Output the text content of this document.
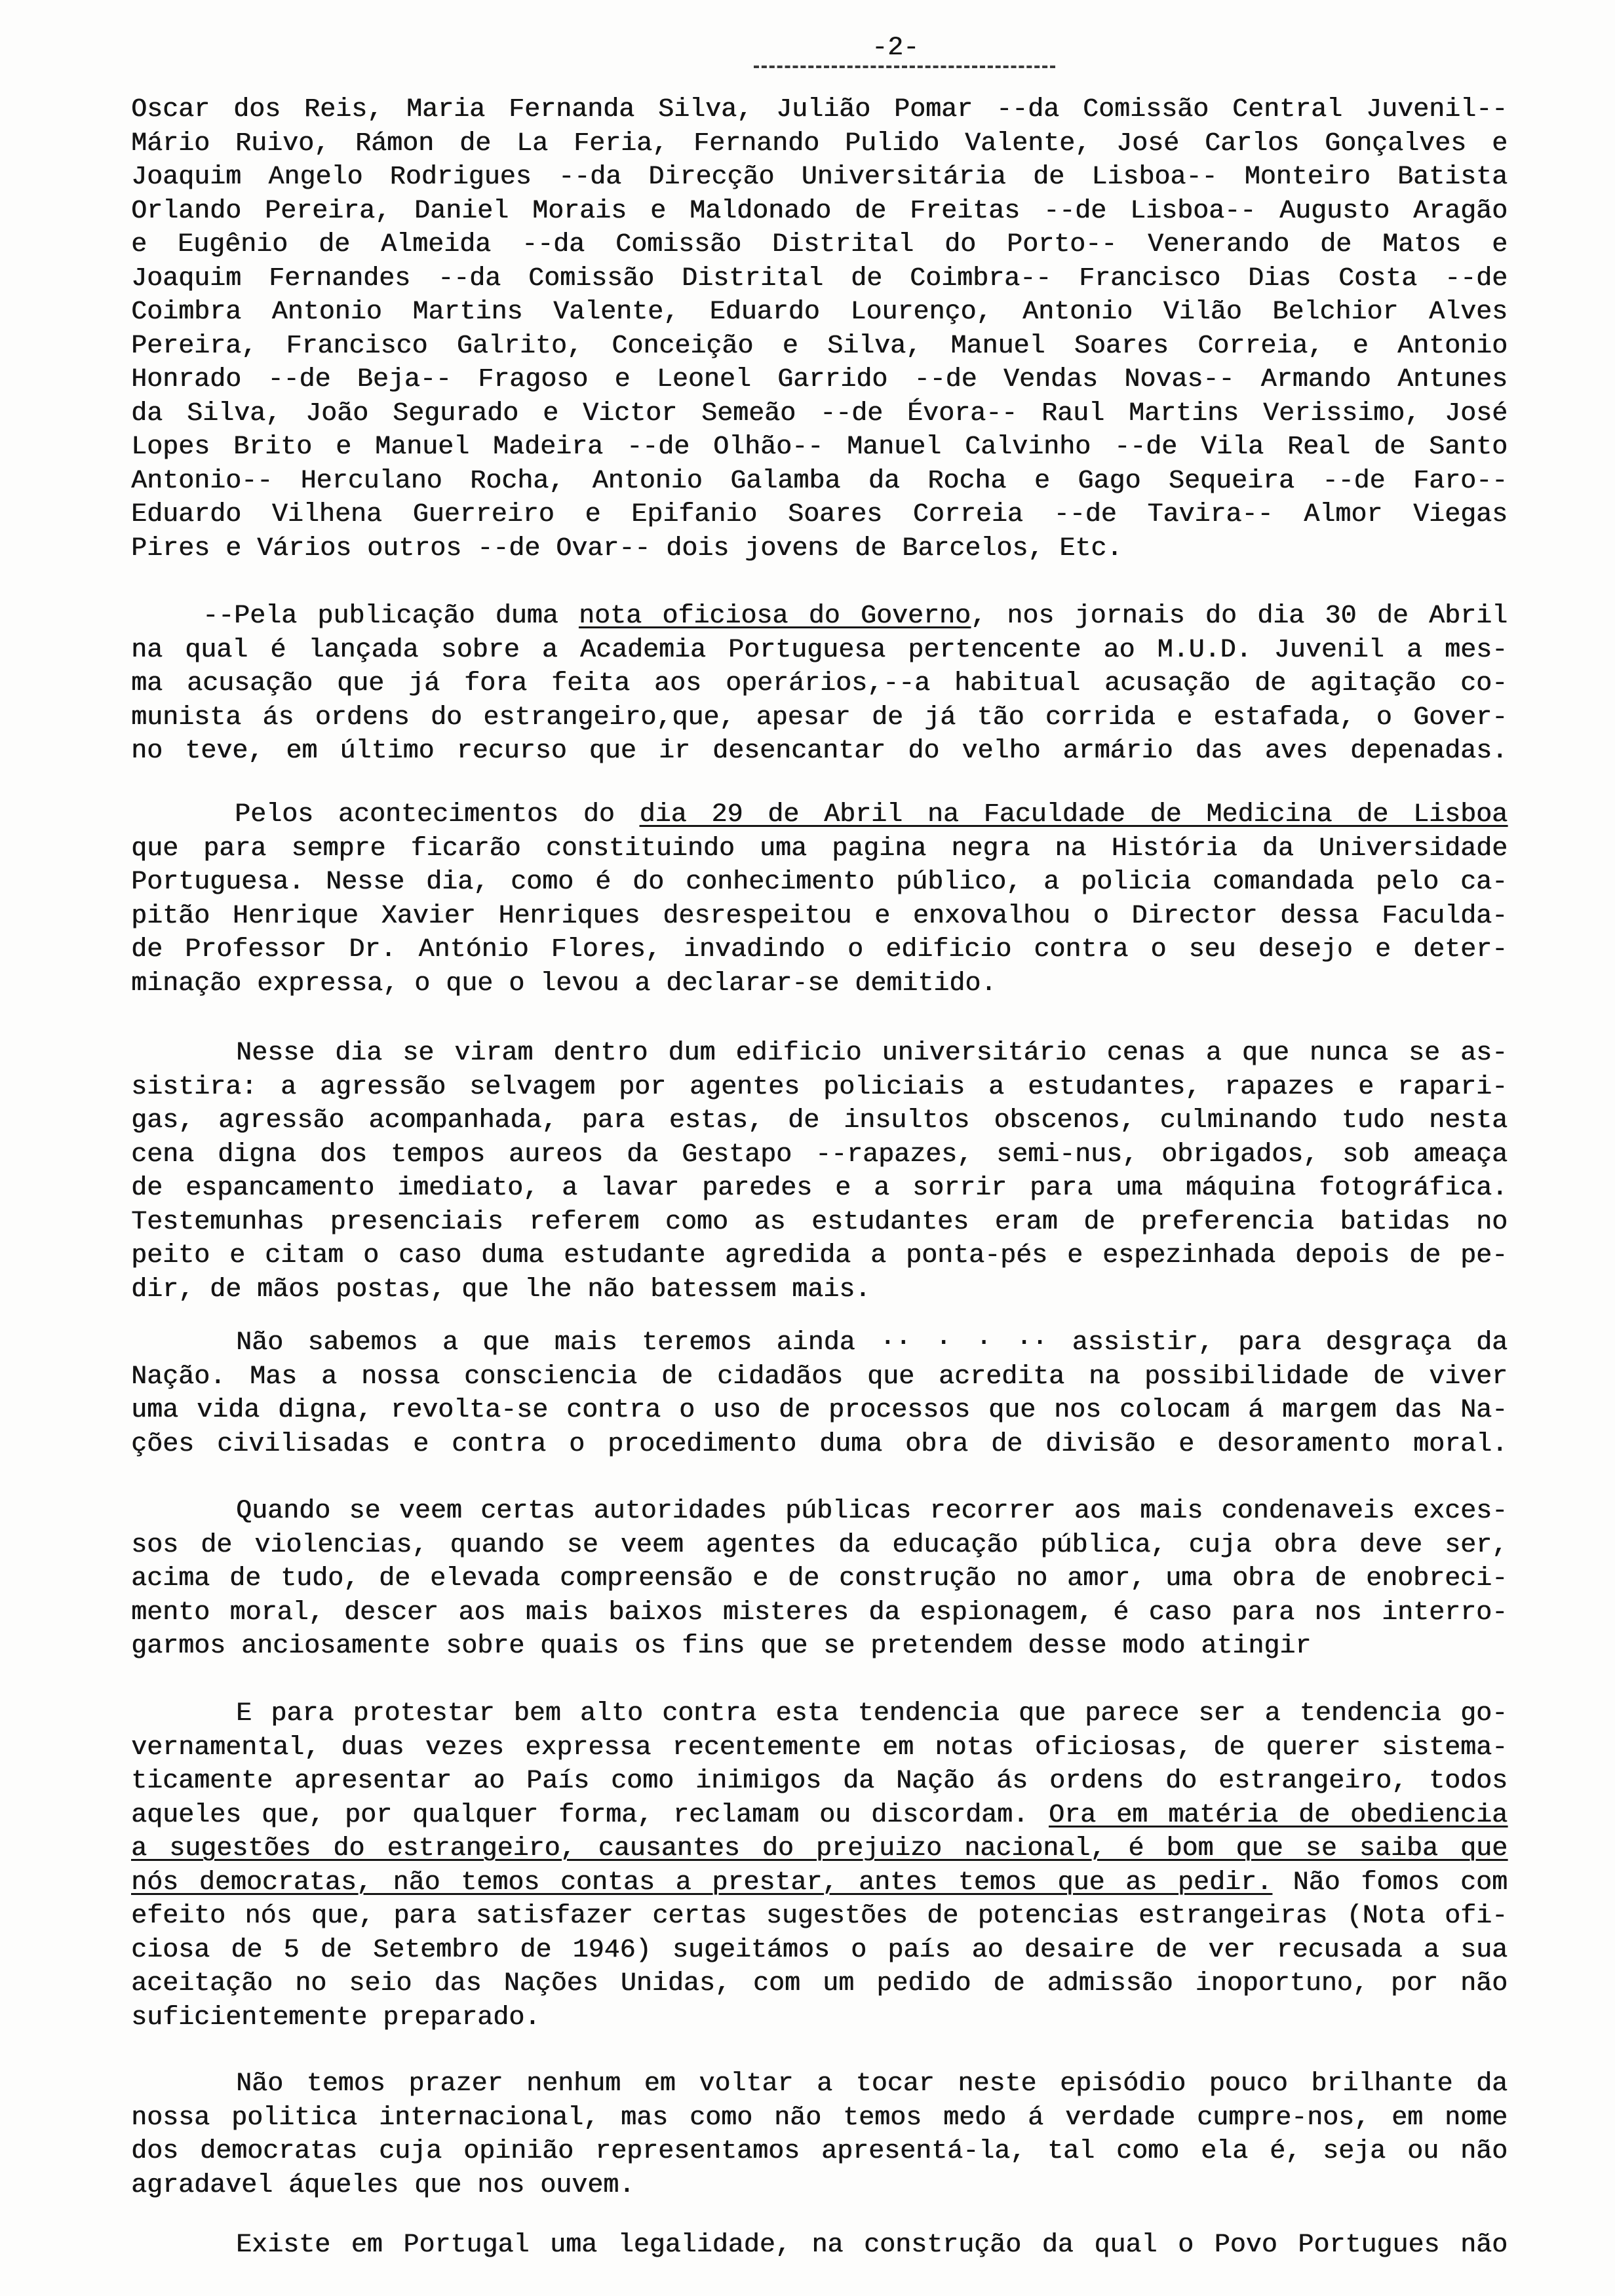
-2-
Oscar dos Reis, Maria Fernanda Silva, Julião Pomar --da Comissão Central Juvenil--
Mário Ruivo, Rámon de La Feria, Fernando Pulido Valente, José Carlos Gonçalves e
Joaquim Angelo Rodrigues --da Direcção Universitária de Lisboa-- Monteiro Batista
Orlando Pereira, Daniel Morais e Maldonado de Freitas --de Lisboa-- Augusto Aragão
e Eugênio de Almeida --da Comissão Distrital do Porto-- Venerando de Matos e
Joaquim Fernandes --da Comissão Distrital de Coimbra-- Francisco Dias Costa --de
Coimbra Antonio Martins Valente, Eduardo Lourenço, Antonio Vilão Belchior Alves
Pereira, Francisco Galrito, Conceição e Silva, Manuel Soares Correia, e Antonio
Honrado --de Beja-- Fragoso e Leonel Garrido --de Vendas Novas-- Armando Antunes
da Silva, João Segurado e Victor Semeão --de Évora-- Raul Martins Verissimo, José
Lopes Brito e Manuel Madeira --de Olhão-- Manuel Calvinho --de Vila Real de Santo
Antonio-- Herculano Rocha, Antonio Galamba da Rocha e Gago Sequeira --de Faro--
Eduardo Vilhena Guerreiro e Epifanio Soares Correia --de Tavira-- Almor Viegas
Pires e Vários outros --de Ovar-- dois jovens de Barcelos, Etc.
--Pela publicação duma nota oficiosa do Governo, nos jornais do dia 30 de Abril
na qual é lançada sobre a Academia Portuguesa pertencente ao M.U.D. Juvenil a mes-
ma acusação que já fora feita aos operários,--a habitual acusação de agitação co-
munista ás ordens do estrangeiro,que, apesar de já tão corrida e estafada, o Gover-
no teve, em último recurso que ir desencantar do velho armário das aves depenadas.
Pelos acontecimentos do dia 29 de Abril na Faculdade de Medicina de Lisboa
que para sempre ficarão constituindo uma pagina negra na História da Universidade
Portuguesa. Nesse dia, como é do conhecimento público, a policia comandada pelo ca-
pitão Henrique Xavier Henriques desrespeitou e enxovalhou o Director dessa Faculda-
de Professor Dr. António Flores, invadindo o edificio contra o seu desejo e deter-
minação expressa, o que o levou a declarar-se demitido.
Nesse dia se viram dentro dum edificio universitário cenas a que nunca se as-
sistira: a agressão selvagem por agentes policiais a estudantes, rapazes e rapari-
gas, agressão acompanhada, para estas, de insultos obscenos, culminando tudo nesta
cena digna dos tempos aureos da Gestapo --rapazes, semi-nus, obrigados, sob ameaça
de espancamento imediato, a lavar paredes e a sorrir para uma máquina fotográfica.
Testemunhas presenciais referem como as estudantes eram de preferencia batidas no
peito e citam o caso duma estudante agredida a ponta-pés e espezinhada depois de pe-
dir, de mãos postas, que lhe não batessem mais.
Não sabemos a que mais teremos ainda ·· · · ·· assistir, para desgraça da
Nação. Mas a nossa consciencia de cidadãos que acredita na possibilidade de viver
uma vida digna, revolta-se contra o uso de processos que nos colocam á margem das Na-
ções civilisadas e contra o procedimento duma obra de divisão e desoramento moral.
Quando se veem certas autoridades públicas recorrer aos mais condenaveis exces-
sos de violencias, quando se veem agentes da educação pública, cuja obra deve ser,
acima de tudo, de elevada compreensão e de construção no amor, uma obra de enobreci-
mento moral, descer aos mais baixos misteres da espionagem, é caso para nos interro-
garmos anciosamente sobre quais os fins que se pretendem desse modo atingir
E para protestar bem alto contra esta tendencia que parece ser a tendencia go-
vernamental, duas vezes expressa recentemente em notas oficiosas, de querer sistema-
ticamente apresentar ao País como inimigos da Nação ás ordens do estrangeiro, todos
aqueles que, por qualquer forma, reclamam ou discordam. Ora em matéria de obediencia
a sugestões do estrangeiro, causantes do prejuizo nacional, é bom que se saiba que
nós democratas, não temos contas a prestar, antes temos que as pedir. Não fomos com
efeito nós que, para satisfazer certas sugestões de potencias estrangeiras (Nota ofi-
ciosa de 5 de Setembro de 1946) sugeitámos o país ao desaire de ver recusada a sua
aceitação no seio das Nações Unidas, com um pedido de admissão inoportuno, por não
suficientemente preparado.
Não temos prazer nenhum em voltar a tocar neste episódio pouco brilhante da
nossa politica internacional, mas como não temos medo á verdade cumpre-nos, em nome
dos democratas cuja opinião representamos apresentá-la, tal como ela é, seja ou não
agradavel áqueles que nos ouvem.
Existe em Portugal uma legalidade, na construção da qual o Povo Portugues não
